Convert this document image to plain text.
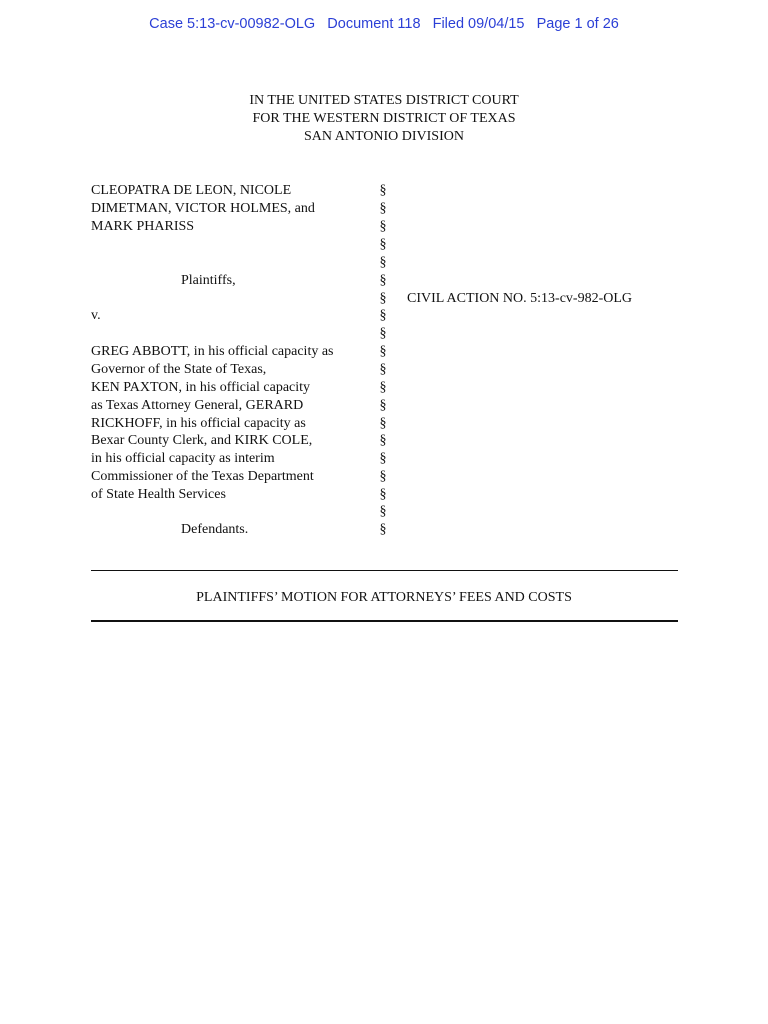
Case 5:13-cv-00982-OLG   Document 118   Filed 09/04/15   Page 1 of 26
IN THE UNITED STATES DISTRICT COURT
FOR THE WESTERN DISTRICT OF TEXAS
SAN ANTONIO DIVISION
CLEOPATRA DE LEON, NICOLE
DIMETMAN, VICTOR HOLMES, and
MARK PHARISS
Plaintiffs,
v.
GREG ABBOTT, in his official capacity as
Governor of the State of Texas,
KEN PAXTON, in his official capacity
as Texas Attorney General, GERARD
RICKHOFF, in his official capacity as
Bexar County Clerk, and KIRK COLE,
in his official capacity as interim
Commissioner of the Texas Department
of State Health Services
Defendants.
§
§
§
§
§
§
§
§
§
§
§
§
§
§
§
§
§
§
§
§
CIVIL ACTION NO. 5:13-cv-982-OLG
PLAINTIFFS’ MOTION FOR ATTORNEYS’ FEES AND COSTS
